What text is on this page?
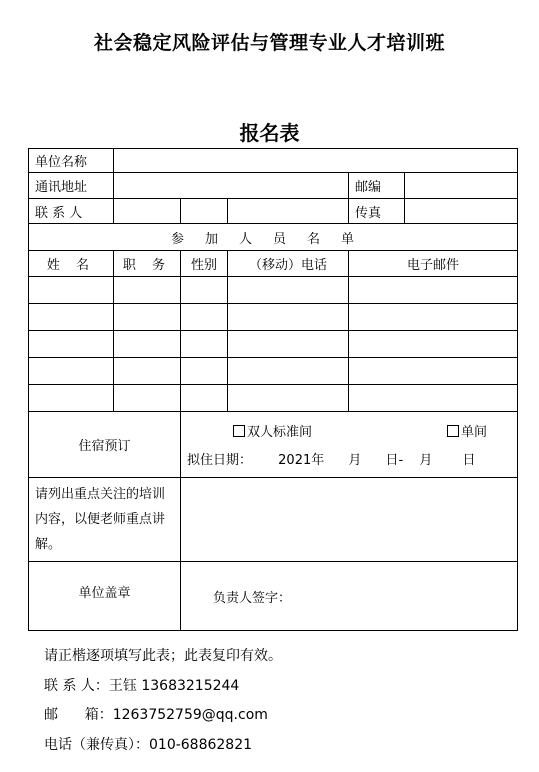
社会稳定风险评估与管理专业人才培训班
报名表
单位名称					
通讯地址				邮编	
联 系 人				传真	
参加人员名单					
姓 名	职 务	性别	（移动）电话	电子邮件	

住宿预订		双人标准间 单间
拟住日期： 2021年 月 日- 月 日			

请列出重点关注的培训内容，以便老师重点讲解。					
单位盖章		负责人签字：			
请正楷逐项填写此表；此表复印有效。
联 系 人：王钰 13683215244
邮      箱：1263752759@qq.com
电话（兼传真）：010-68862821
